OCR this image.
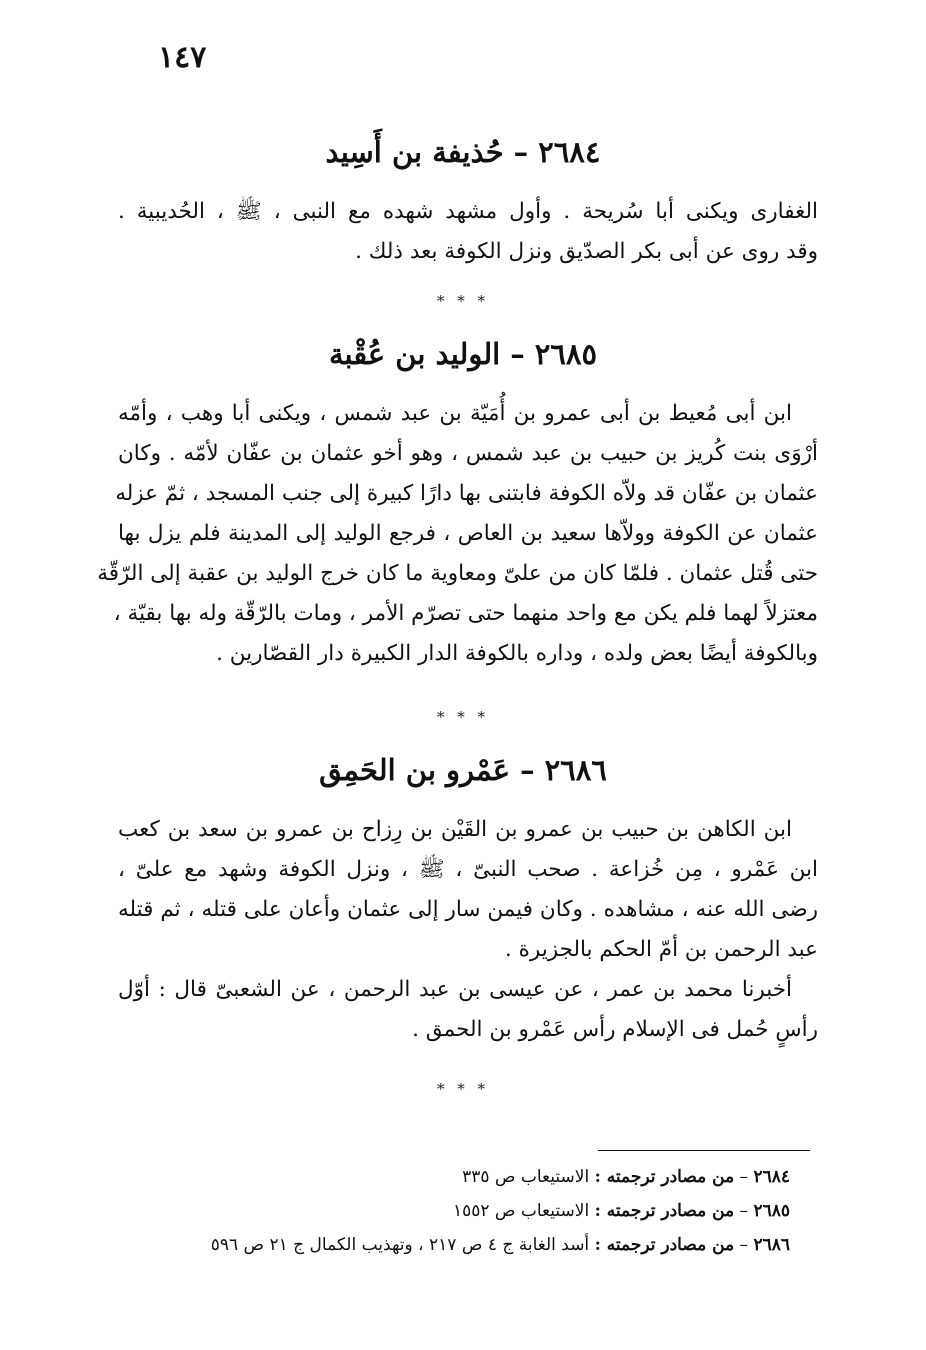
١٤٧
٢٦٨٤–حُذيفة بن أَسِيد
الغفارى ويكنى أبا سُريحة . وأول مشهد شهده مع النبى ، ﷺ ، الحُديبية .
وقد روى عن أبى بكر الصدّيق ونزل الكوفة بعد ذلك .
* * *
٢٦٨٥–الوليد بن عُقْبة
ابن أبى مُعيط بن أبى عمرو بن أُمَيّة بن عبد شمس ، ويكنى أبا وهب ، وأمّه
أرْوَى بنت كُريز بن حبيب بن عبد شمس ، وهو أخو عثمان بن عفّان لأمّه . وكان
عثمان بن عفّان قد ولاّه الكوفة فابتنى بها دارًا كبيرة إلى جنب المسجد ، ثمّ عزله
عثمان عن الكوفة وولاّها سعيد بن العاص ، فرجع الوليد إلى المدينة فلم يزل بها
حتى قُتل عثمان . فلمّا كان من علىّ ومعاوية ما كان خرج الوليد بن عقبة إلى الرّقّة
معتزلاً لهما فلم يكن مع واحد منهما حتى تصرّم الأمر ، ومات بالرّقّة وله بها بقيّة ،
وبالكوفة أيضًا بعض ولده ، وداره بالكوفة الدار الكبيرة دار القصّارين .
* * *
٢٦٨٦–عَمْرو بن الحَمِق
ابن الكاهن بن حبيب بن عمرو بن القَيْن بن رِزاح بن عمرو بن سعد بن كعب
ابن عَمْرو ، مِن خُزاعة . صحب النبىّ ، ﷺ ، ونزل الكوفة وشهد مع علىّ ،
رضى الله عنه ، مشاهده . وكان فيمن سار إلى عثمان وأعان على قتله ، ثم قتله
عبد الرحمن بن أمّ الحكم بالجزيرة .
أخبرنا محمد بن عمر ، عن عيسى بن عبد الرحمن ، عن الشعبىّ قال : أوّل
رأسٍ حُمل فى الإسلام رأس عَمْرو بن الحمق .
* * *
٢٦٨٤ – من مصادر ترجمته : الاستيعاب ص ٣٣٥
٢٦٨٥ – من مصادر ترجمته : الاستيعاب ص ١٥٥٢
٢٦٨٦ – من مصادر ترجمته : أسد الغابة ج ٤ ص ٢١٧ ، وتهذيب الكمال ج ٢١ ص ٥٩٦
